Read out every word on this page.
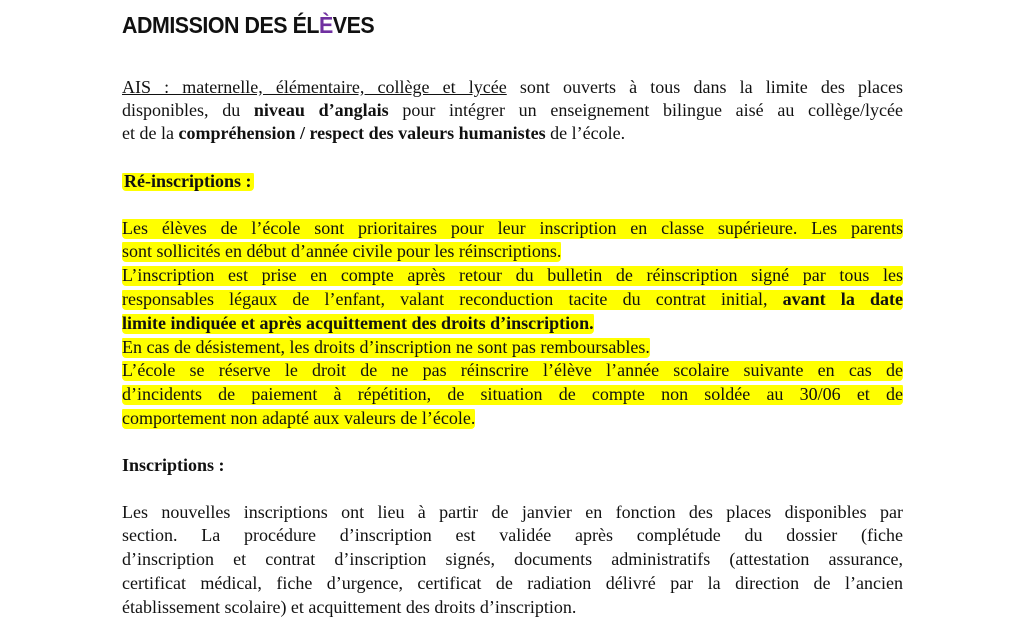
ADMISSION DES ÉLÈVES
AIS : maternelle, élémentaire, collège et lycée sont ouverts à tous dans la limite des places
disponibles, du niveau d’anglais pour intégrer un enseignement bilingue aisé au collège/lycée
et de la compréhension / respect des valeurs humanistes de l’école.
Ré-inscriptions :
Les élèves de l’école sont prioritaires pour leur inscription en classe supérieure. Les parents
sont sollicités en début d’année civile pour les réinscriptions.
L’inscription est prise en compte après retour du bulletin de réinscription signé par tous les
responsables légaux de l’enfant, valant reconduction tacite du contrat initial, avant la date
limite indiquée et après acquittement des droits d’inscription.
En cas de désistement, les droits d’inscription ne sont pas remboursables.
L’école se réserve le droit de ne pas réinscrire l’élève l’année scolaire suivante en cas de
d’incidents de paiement à répétition, de situation de compte non soldée au 30/06 et de
comportement non adapté aux valeurs de l’école.
Inscriptions :
Les nouvelles inscriptions ont lieu à partir de janvier en fonction des places disponibles par
section. La procédure d’inscription est validée après complétude du dossier (fiche
d’inscription et contrat d’inscription signés, documents administratifs (attestation assurance,
certificat médical, fiche d’urgence, certificat de radiation délivré par la direction de l’ancien
établissement scolaire) et acquittement des droits d’inscription.
